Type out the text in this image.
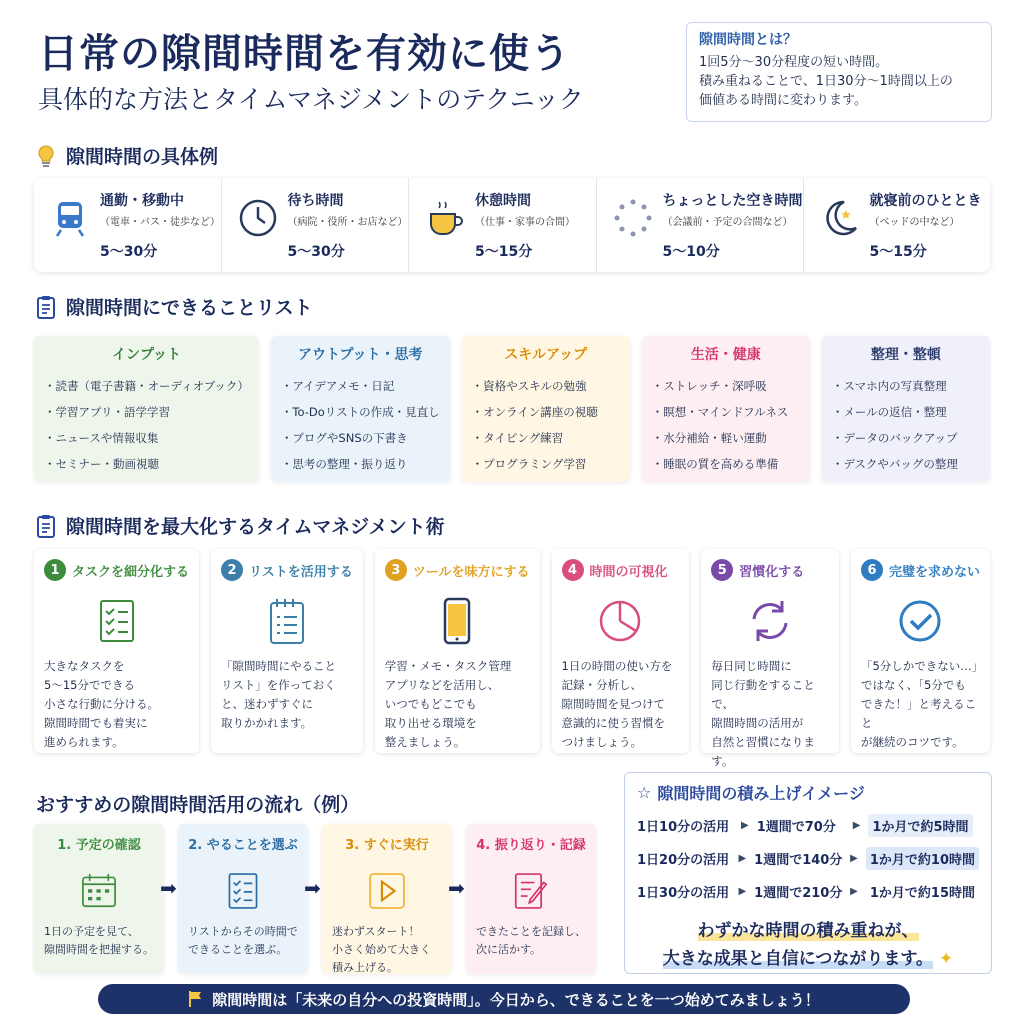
日常の隙間時間を有効に使う
具体的な方法とタイムマネジメントのテクニック
隙間時間とは？
1回5分〜30分程度の短い時間。
積み重ねることで、1日30分〜1時間以上の
価値ある時間に変わります。
隙間時間の具体例
通勤・移動中
（電車・バス・徒歩など）
5〜30分
待ち時間
（病院・役所・お店など）
5〜30分
休憩時間
（仕事・家事の合間）
5〜15分
ちょっとした空き時間
（会議前・予定の合間など）
5〜10分
就寝前のひととき
（ベッドの中など）
5〜15分
隙間時間にできることリスト
インプット
・読書（電子書籍・オーディオブック）
・学習アプリ・語学学習
・ニュースや情報収集
・セミナー・動画視聴
アウトプット・思考
・アイデアメモ・日記
・To-Doリストの作成・見直し
・ブログやSNSの下書き
・思考の整理・振り返り
スキルアップ
・資格やスキルの勉強
・オンライン講座の視聴
・タイピング練習
・プログラミング学習
生活・健康
・ストレッチ・深呼吸
・瞑想・マインドフルネス
・水分補給・軽い運動
・睡眠の質を高める準備
整理・整頓
・スマホ内の写真整理
・メールの返信・整理
・データのバックアップ
・デスクやバッグの整理
隙間時間を最大化するタイムマネジメント術
1 タスクを細分化する
大きなタスクを
5〜15分でできる
小さな行動に分ける。
隙間時間でも着実に
進められます。
2 リストを活用する
「隙間時間にやること
リスト」を作っておく
と、迷わずすぐに
取りかかれます。
3 ツールを味方にする
学習・メモ・タスク管理
アプリなどを活用し、
いつでもどこでも
取り出せる環境を
整えましょう。
4 時間の可視化
1日の時間の使い方を
記録・分析し、
隙間時間を見つけて
意識的に使う習慣を
つけましょう。
5 習慣化する
毎日同じ時間に
同じ行動をすることで、
隙間時間の活用が
自然と習慣になります。
6 完璧を求めない
「5分しかできない…」
ではなく、「5分でも
できた！」と考えること
が継続のコツです。
おすすめの隙間時間活用の流れ（例）
1. 予定の確認
1日の予定を見て、
隙間時間を把握する。
➡
2. やることを選ぶ
リストからその時間で
できることを選ぶ。
➡
3. すぐに実行
迷わずスタート！
小さく始めて大きく
積み上げる。
➡
4. 振り返り・記録
できたことを記録し、
次に活かす。
☆ 隙間時間の積み上げイメージ
1日10分の活用	▶ 1週間で70分	▶ 1か月で約5時間
1日20分の活用 ▶ 1週間で140分 ▶ 1か月で約10時間
1日30分の活用 ▶ 1週間で210分 ▶ 1か月で約15時間
わずかな時間の積み重ねが、
大きな成果と自信につながります。 ✦
隙間時間は「未来の自分への投資時間」。今日から、できることを一つ始めてみましょう！
